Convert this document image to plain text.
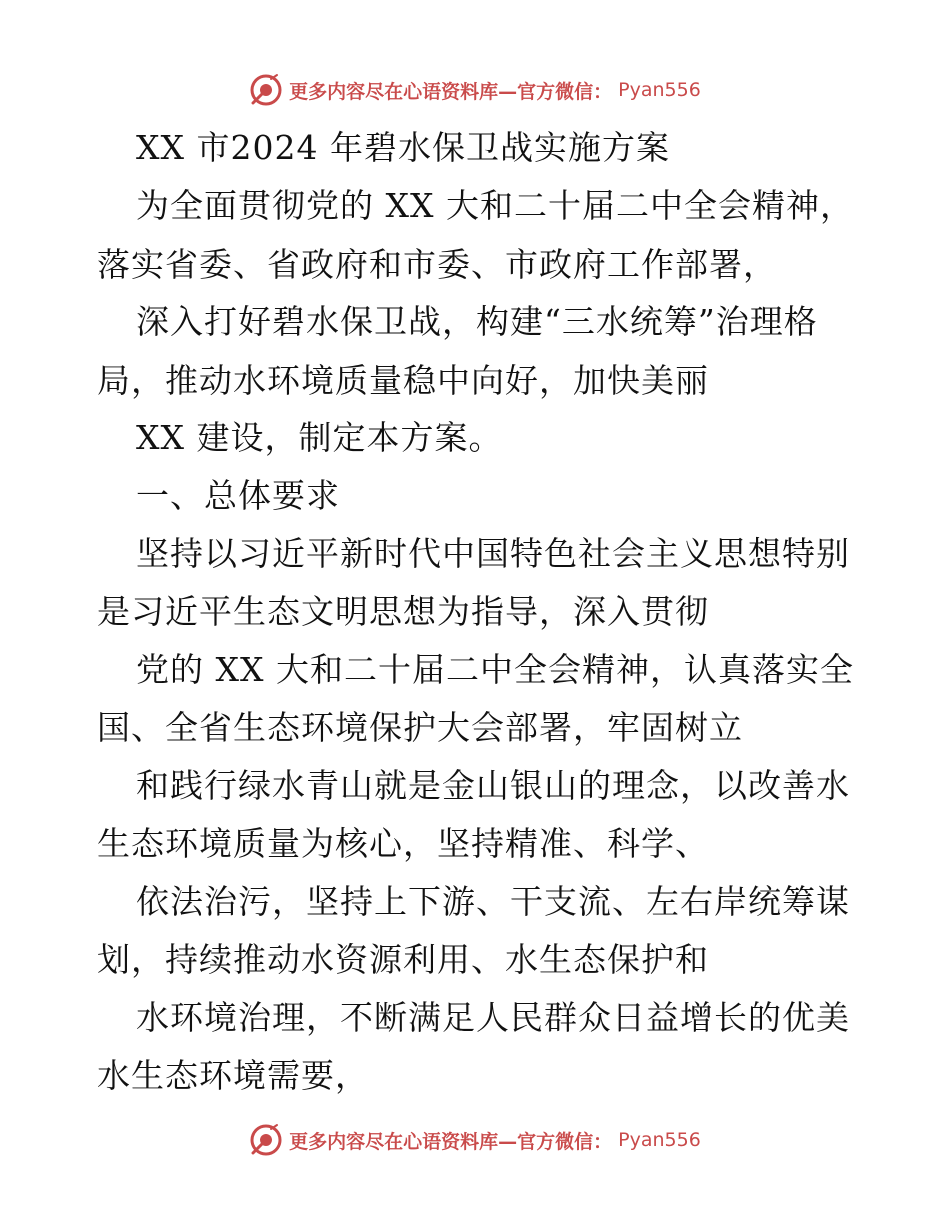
更多内容尽在心语资料库—官方微信： Pyan556
XX 市2024 年碧水保卫战实施方案
为全面贯彻党的 XX 大和二十届二中全会精神，
落实省委、省政府和市委、市政府工作部署，
深入打好碧水保卫战，构建“三水统筹”治理格
局，推动水环境质量稳中向好，加快美丽
XX 建设，制定本方案。
一、总体要求
坚持以习近平新时代中国特色社会主义思想特别
是习近平生态文明思想为指导，深入贯彻
党的 XX 大和二十届二中全会精神，认真落实全
国、全省生态环境保护大会部署，牢固树立
和践行绿水青山就是金山银山的理念，以改善水
生态环境质量为核心，坚持精准、科学、
依法治污，坚持上下游、干支流、左右岸统筹谋
划，持续推动水资源利用、水生态保护和
水环境治理，不断满足人民群众日益增长的优美
水生态环境需要，
更多内容尽在心语资料库—官方微信： Pyan556
